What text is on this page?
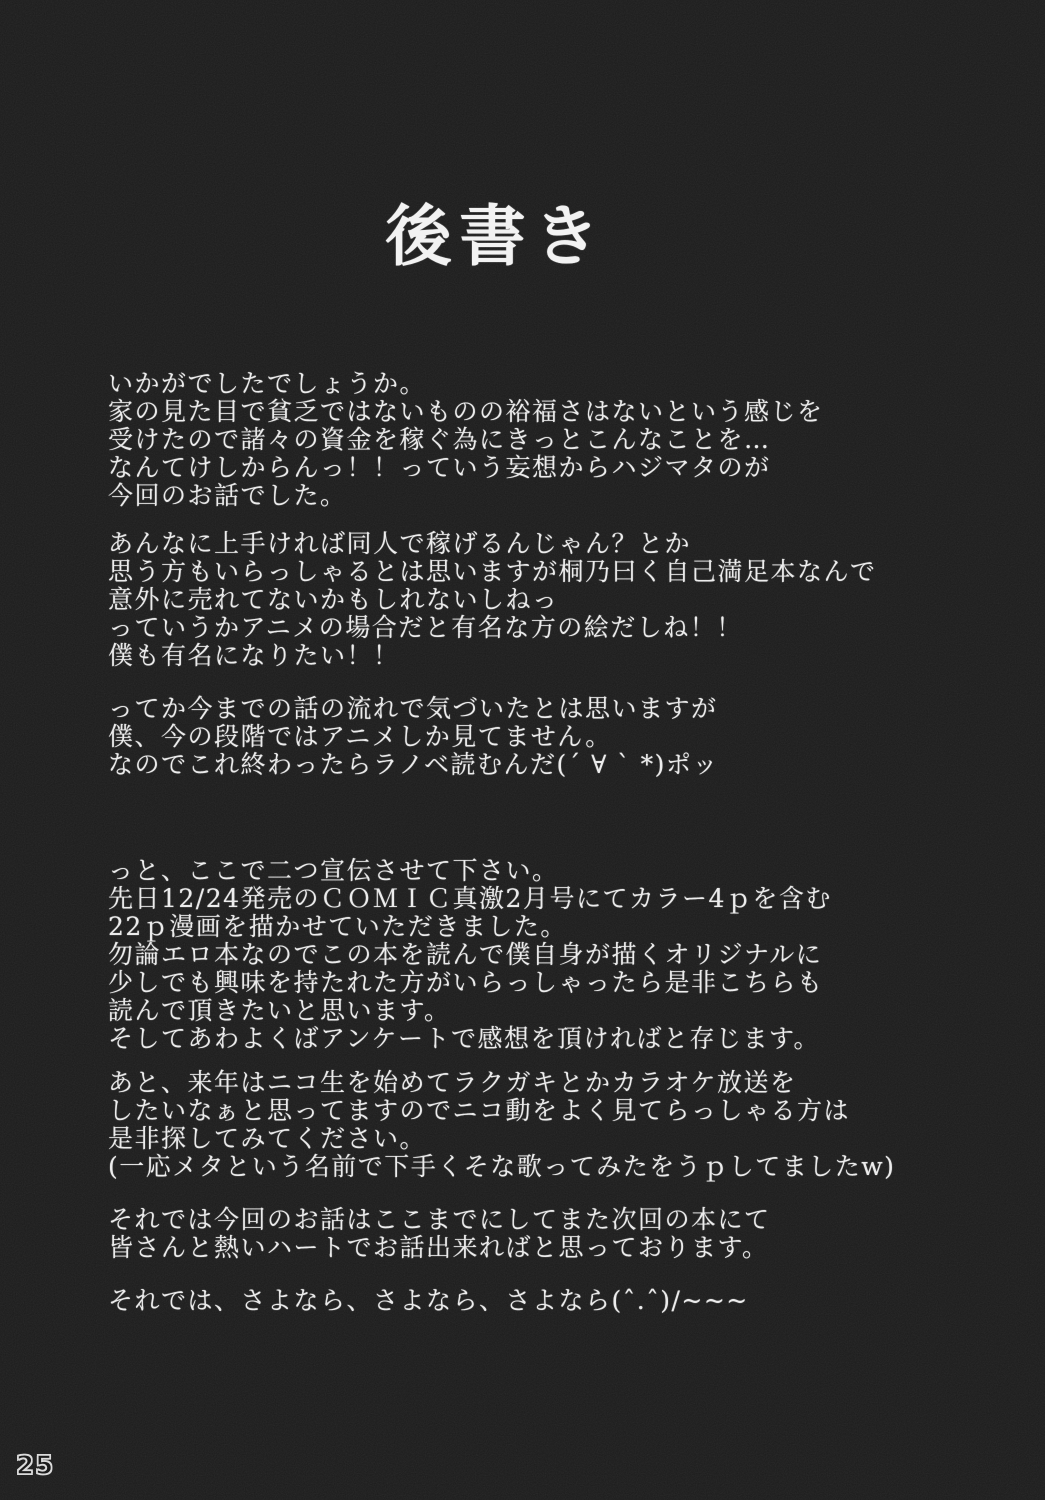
後書き
いかがでしたでしょうか。
家の見た目で貧乏ではないものの裕福さはないという感じを
受けたので諸々の資金を稼ぐ為にきっとこんなことを…
なんてけしからんっ！！っていう妄想からハジマタのが
今回のお話でした。
あんなに上手ければ同人で稼げるんじゃん？とか
思う方もいらっしゃるとは思いますが桐乃曰く自己満足本なんで
意外に売れてないかもしれないしねっ
っていうかアニメの場合だと有名な方の絵だしね！！
僕も有名になりたい！！
ってか今までの話の流れで気づいたとは思いますが
僕、今の段階ではアニメしか見てません。
なのでこれ終わったらラノベ読むんだ(´ ∀ ` *)ポッ
っと、ここで二つ宣伝させて下さい。
先日12/24発売のＣＯＭＩＣ真激2月号にてカラー4ｐを含む
22ｐ漫画を描かせていただきました。
勿論エロ本なのでこの本を読んで僕自身が描くオリジナルに
少しでも興味を持たれた方がいらっしゃったら是非こちらも
読んで頂きたいと思います。
そしてあわよくばアンケートで感想を頂ければと存じます。
あと、来年はニコ生を始めてラクガキとかカラオケ放送を
したいなぁと思ってますのでニコ動をよく見てらっしゃる方は
是非探してみてください。
(一応メタという名前で下手くそな歌ってみたをうｐしてましたw)
それでは今回のお話はここまでにしてまた次回の本にて
皆さんと熱いハートでお話出来ればと思っております。
それでは、さよなら、さよなら、さよなら(ˆ.ˆ)/~~~
25
